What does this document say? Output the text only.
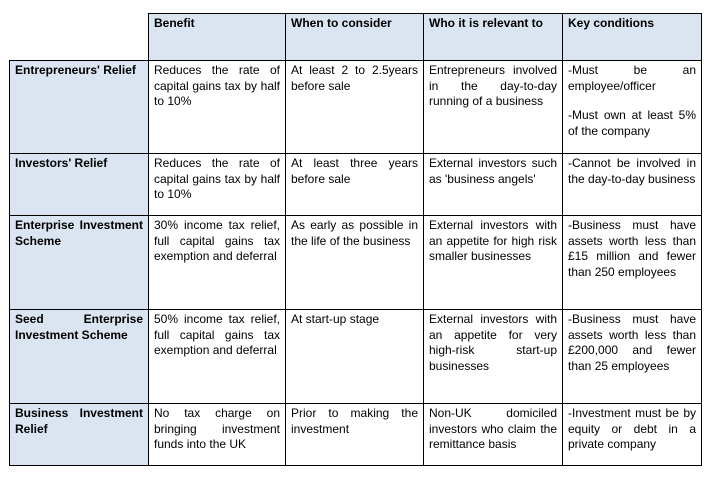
	Benefit	When to consider	Who it is relevant to	Key conditions
Entrepreneurs' Relief	Reduces the rate of capital gains tax by half to 10%	At least 2 to 2.5years before sale	Entrepreneurs involved in the day-to-day running of a business	-Must be an employee/officer
-Must own at least 5% of the company

Investors' Relief	Reduces the rate of capital gains tax by half to 10%	At least three years before sale	External investors such as 'business angels'	-Cannot be involved in the day-to-day business

Enterprise Investment Scheme	30% income tax relief, full capital gains tax exemption and deferral	As early as possible in the life of the business	External investors with an appetite for high risk smaller businesses	-Business must have assets worth less than £15 million and fewer than 250 employees

Seed Enterprise Investment Scheme	50% income tax relief, full capital gains tax exemption and deferral	At start-up stage	External investors with an appetite for very high-risk start-up businesses	-Business must have assets worth less than £200,000 and fewer than 25 employees

Business Investment Relief	No tax charge on bringing investment funds into the UK	Prior to making the investment	Non-UK domiciled investors who claim the remittance basis	-Investment must be by equity or debt in a private company
